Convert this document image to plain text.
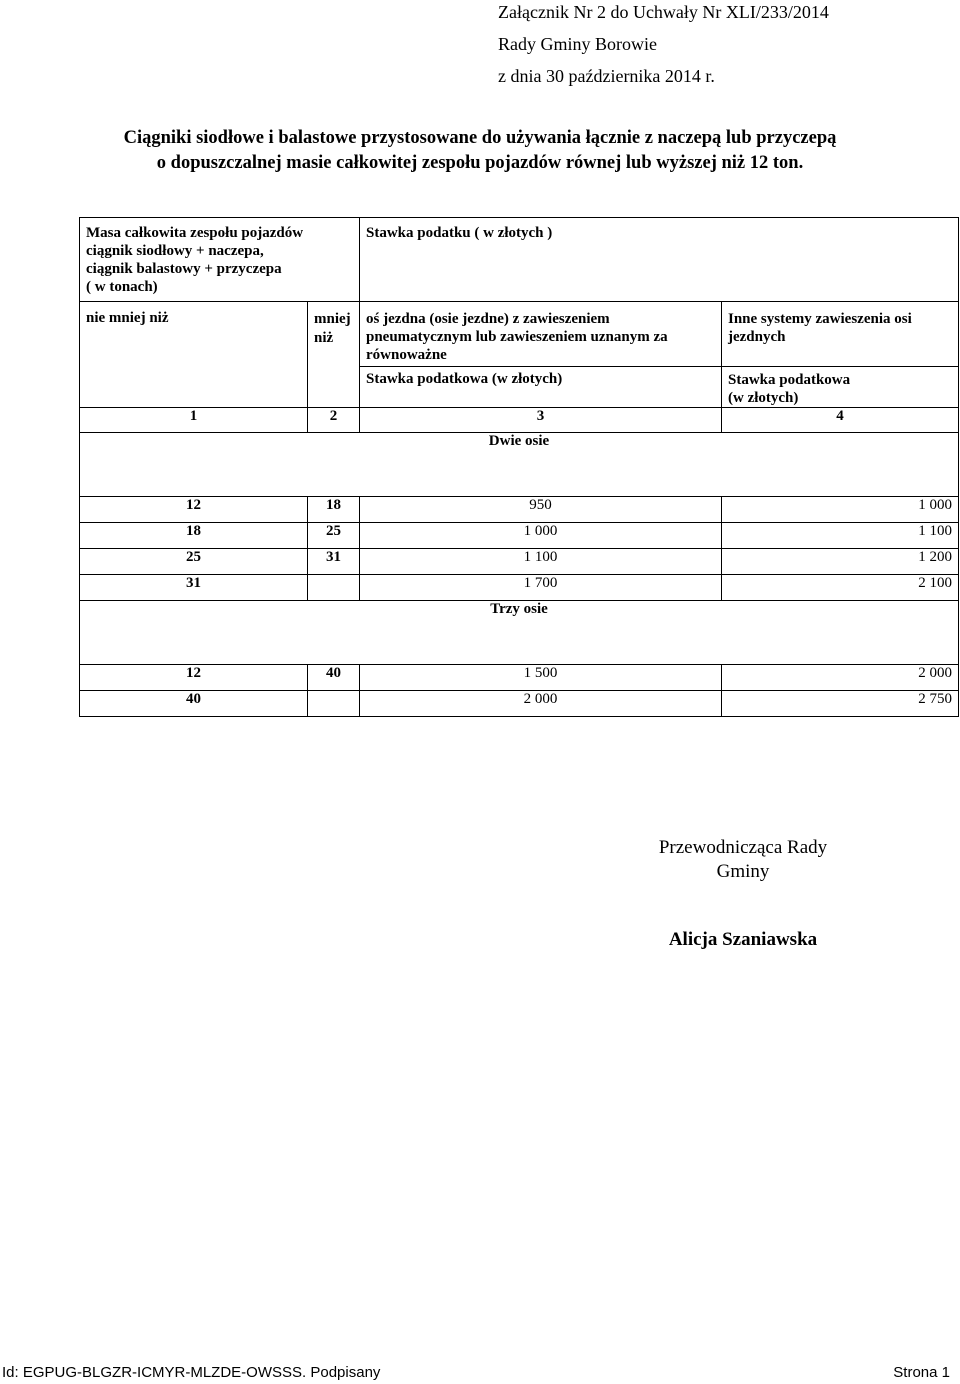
Załącznik Nr 2 do Uchwały Nr XLI/233/2014
Rady Gminy Borowie
z dnia 30 października 2014 r.
Ciągniki siodłowe i balastowe przystosowane do używania łącznie z naczepą lub przyczepą
o dopuszczalnej masie całkowitej zespołu pojazdów równej lub wyższej niż 12 ton.
Masa całkowita zespołu pojazdów
ciągnik siodłowy + naczepa,
ciągnik balastowy + przyczepa
( w tonach)		Stawka podatku ( w złotych )	
nie mniej niż	mniej
niż	oś jezdna (osie jezdne) z zawieszeniem pneumatycznym lub zawieszeniem uznanym za równoważne	Inne systemy zawieszenia osi jezdnych
		Stawka podatkowa (w złotych)	Stawka podatkowa
(w złotych)

1	2	3	4
Dwie osie			
12	18	950	1 000
18	25	1 000	1 100
25	31	1 100	1 200
31		1 700	2 100
Trzy osie			
12	40	1 500	2 000
40		2 000	2 750
Przewodnicząca Rady
Gminy
Alicja Szaniawska
Id: EGPUG-BLGZR-ICMYR-MLZDE-OWSSS. Podpisany	Strona 1
